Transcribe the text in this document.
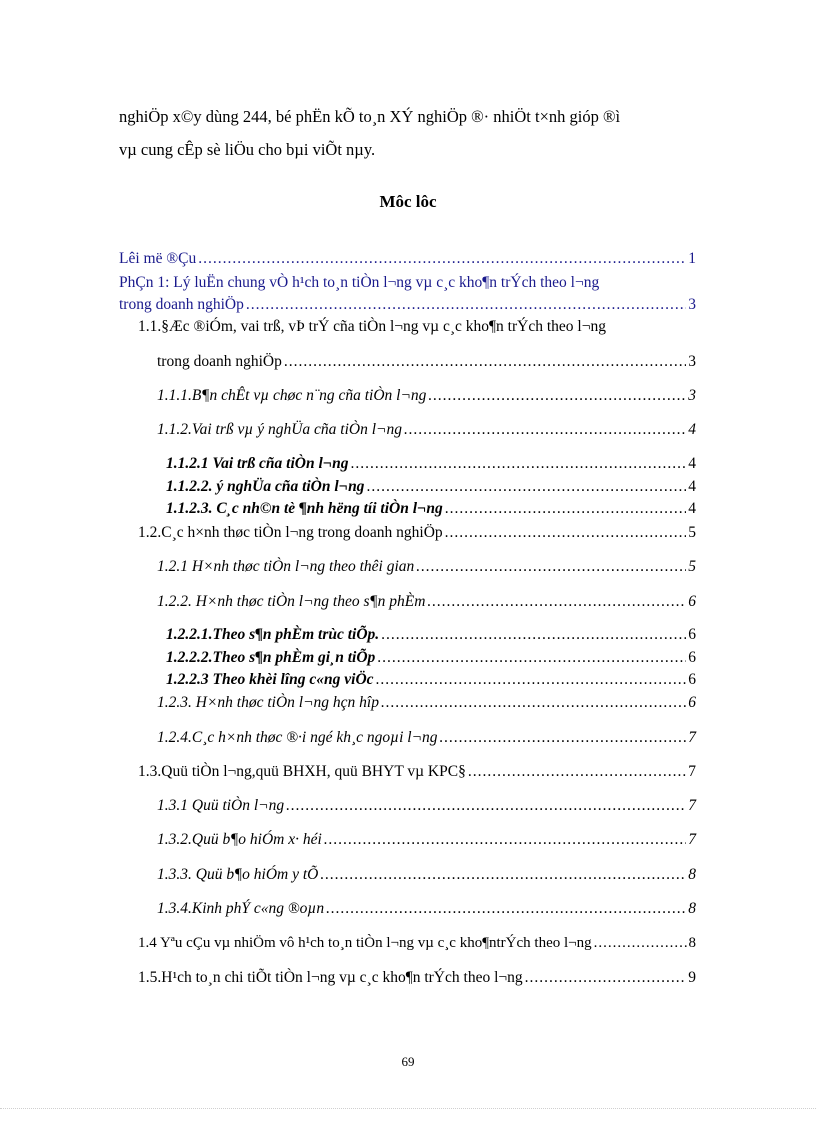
nghiÖp x©y dùng 244, bé phËn kÕ to¸n XÝ nghiÖp ®· nhiÖt t×nh gióp ®ì
vµ cung cÊp sè liÖu cho bµi viÕt nµy.
Môc lôc
Lêi më ®Çu .....	1
PhÇn 1: Lý luËn chung vÒ h¹ch to¸n tiÒn l¬ng vµ c¸c kho¶n trÝch theo l¬ng
trong doanh nghiÖp .....	3
1.1.§Æc ®iÓm, vai trß, vÞ trÝ cña tiÒn l¬ng vµ c¸c kho¶n trÝch theo l¬ng
trong doanh nghiÖp .....	3
1.1.1.B¶n chÊt vµ chøc n¨ng cña tiÒn l¬ng .....	3
1.1.2.Vai trß vµ ý nghÜa cña tiÒn l¬ng .....	4
1.1.2.1 Vai trß cña tiÒn l¬ng .....	4
1.1.2.2. ý nghÜa cña tiÒn l¬ng .....	4
1.1.2.3. C¸c nh©n tè ¶nh hëng tíi tiÒn l¬ng .....	4
1.2.C¸c h×nh thøc tiÒn l¬ng trong doanh nghiÖp .....	5
1.2.1 H×nh thøc tiÒn l¬ng theo thêi gian .....	5
1.2.2. H×nh thøc tiÒn l¬ng theo s¶n phÈm .....	6
1.2.2.1.Theo s¶n phÈm trùc tiÕp. .....	6
1.2.2.2.Theo s¶n phÈm gi¸n tiÕp .....	6
1.2.2.3 Theo khèi lîng c«ng viÖc .....	6
1.2.3. H×nh thøc tiÒn l¬ng hçn hîp .....	6
1.2.4.C¸c h×nh thøc ®·i ngé kh¸c ngoµi l¬ng .....	7
1.3.Quü tiÒn l¬ng,quü BHXH, quü BHYT vµ KPC§ .....	7
1.3.1 Quü tiÒn l¬ng .....	7
1.3.2.Quü b¶o hiÓm x· héi .....	7
1.3.3. Quü b¶o hiÓm y tÕ .....	8
1.3.4.Kinh phÝ c«ng ®oµn .....	8
1.4 Yªu cÇu vµ nhiÖm vô h¹ch to¸n tiÒn l¬ng vµ c¸c kho¶ntrÝch theo l¬ng .....	8
1.5.H¹ch to¸n chi tiÕt tiÒn l¬ng vµ c¸c kho¶n trÝch theo l¬ng .....	9
69
